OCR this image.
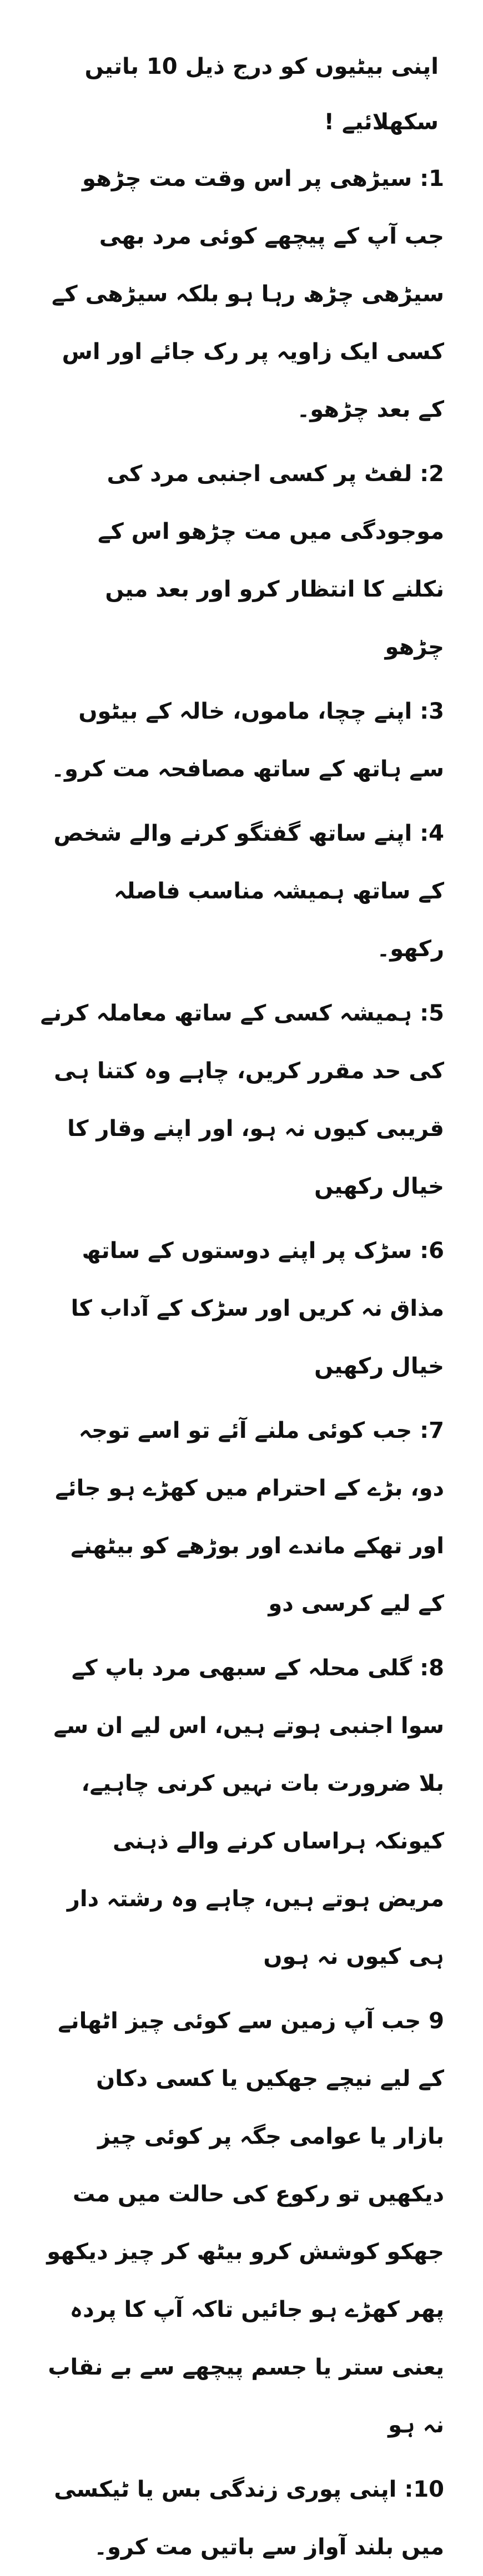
اپنی بیٹیوں کو درج ذیل 10 باتیں سکھلائیے !

1: سیڑھی پر اس وقت مت چڑھو جب آپ کے پیچھے کوئی مرد بھی سیڑھی چڑھ رہا ہو بلکہ سیڑھی کے کسی ایک زاویہ پر رک جائے اور اس کے بعد چڑھو۔

2: لفٹ پر کسی اجنبی مرد کی موجودگی میں مت چڑھو اس کے نکلنے کا انتظار کرو اور بعد میں چڑھو

3: اپنے چچا، ماموں، خالہ کے بیٹوں سے ہاتھ کے ساتھ مصافحہ مت کرو۔

4: اپنے ساتھ گفتگو کرنے والے شخص کے ساتھ ہمیشہ مناسب فاصلہ رکھو۔

5: ہمیشہ کسی کے ساتھ معاملہ کرنے کی حد مقرر کریں، چاہے وہ کتنا ہی قریبی کیوں نہ ہو، اور اپنے وقار کا خیال رکھیں

6: سڑک پر اپنے دوستوں کے ساتھ مذاق نہ کریں اور سڑک کے آداب کا خیال رکھیں

7: جب کوئی ملنے آئے تو اسے توجہ دو، بڑے کے احترام میں کھڑے ہو جائے اور تھکے ماندے اور بوڑھے کو بیٹھنے کے لیے کرسی دو

8: گلی محلہ کے سبھی مرد باپ کے سوا اجنبی ہوتے ہیں، اس لیے ان سے بلا ضرورت بات نہیں کرنی چاہیے، کیونکہ ہراساں کرنے والے ذہنی مریض ہوتے ہیں، چاہے وہ رشتہ دار ہی کیوں نہ ہوں

9 جب آپ زمین سے کوئی چیز اٹھانے کے لیے نیچے جھکیں یا کسی دکان بازار یا عوامی جگہ پر کوئی چیز دیکھیں تو رکوع کی حالت میں مت جھکو کوشش کرو بیٹھ کر چیز دیکھو پھر کھڑے ہو جائیں تاکہ آپ کا پردہ یعنی ستر یا جسم پیچھے سے بے نقاب نہ ہو

10: اپنی پوری زندگی بس یا ٹیکسی میں بلند آواز سے باتیں مت کرو۔
